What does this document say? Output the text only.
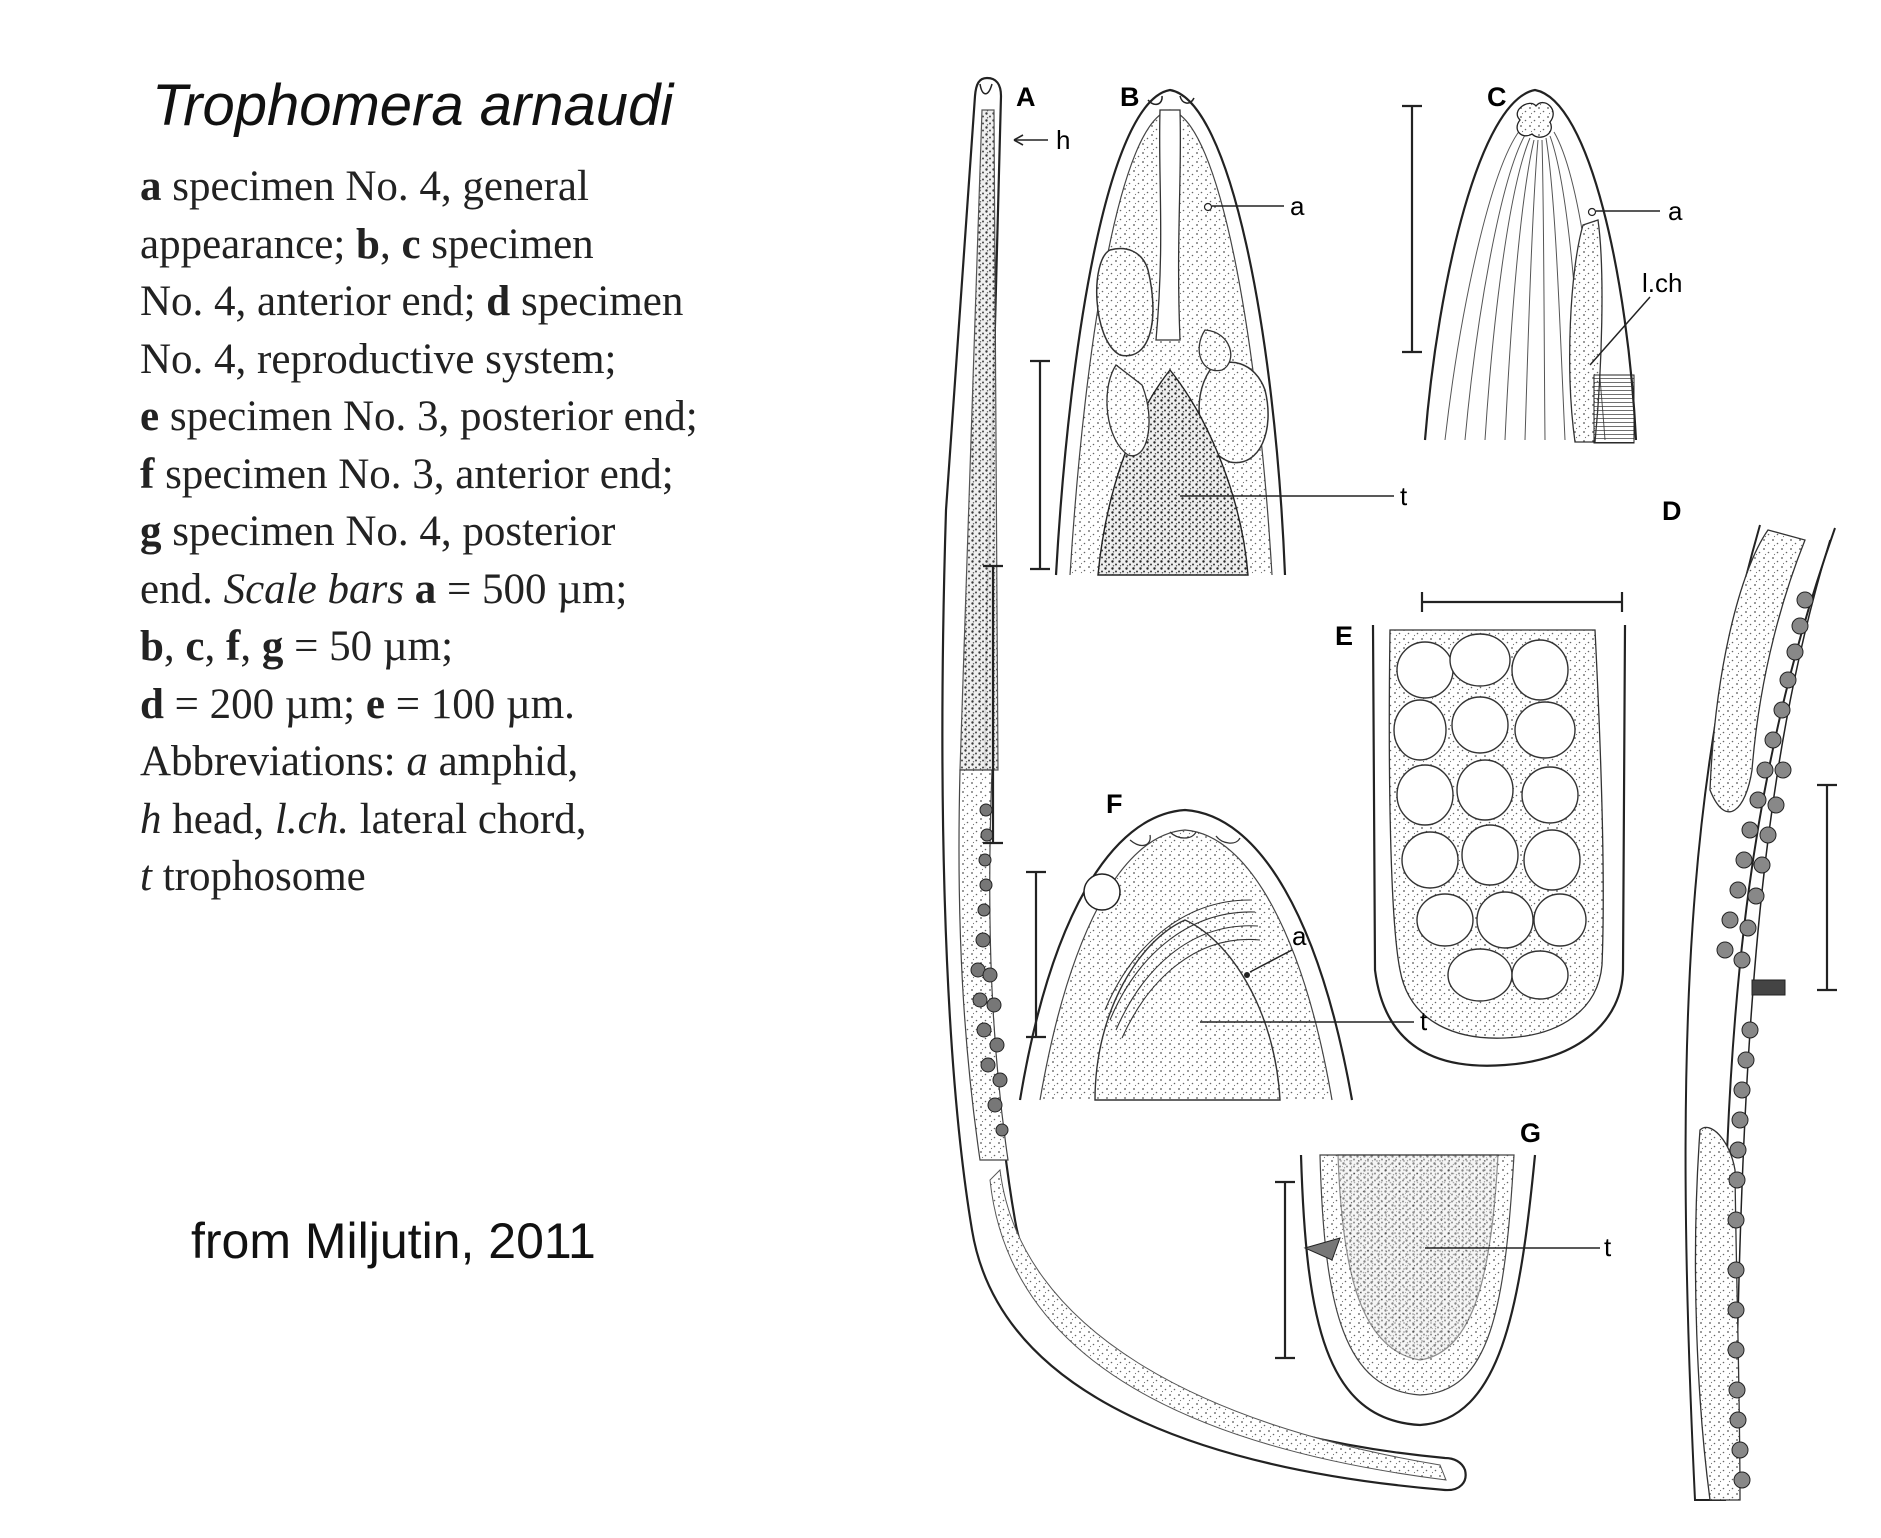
Trophomera arnaudi
a specimen No. 4, general
appearance; b, c specimen
No. 4, anterior end; d specimen
No. 4, reproductive system;
e specimen No. 3, posterior end;
f specimen No. 3, anterior end;
g specimen No. 4, posterior
end. Scale bars a = 500 µm;
b, c, f, g = 50 µm;
d = 200 µm; e = 100 µm.
Abbreviations: a amphid,
h head, l.ch. lateral chord,
t trophosome
from Miljutin, 2011
A
h
B
a
t
C
a
l.ch
D
E
F
a
t
G
t
